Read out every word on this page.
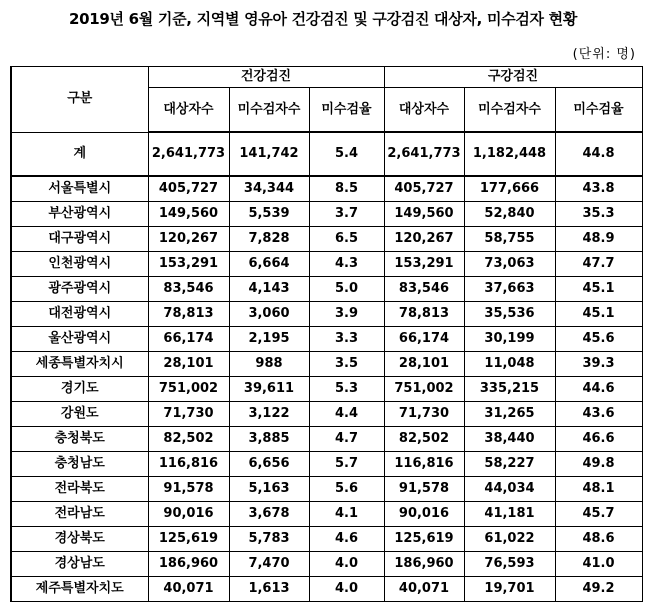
2019년 6월 기준, 지역별 영유아 건강검진 및 구강검진 대상자, 미수검자 현황
(단위: 명)
구분	건강검진			구강검진		
	대상자수	미수검자수	미수검율	대상자수	미수검자수	미수검율
계	2,641,773	141,742	5.4	2,641,773	1,182,448	44.8
서울특별시	405,727	34,344	8.5	405,727	177,666	43.8
부산광역시	149,560	5,539	3.7	149,560	52,840	35.3
대구광역시	120,267	7,828	6.5	120,267	58,755	48.9
인천광역시	153,291	6,664	4.3	153,291	73,063	47.7
광주광역시	83,546	4,143	5.0	83,546	37,663	45.1
대전광역시	78,813	3,060	3.9	78,813	35,536	45.1
울산광역시	66,174	2,195	3.3	66,174	30,199	45.6
세종특별자치시	28,101	988	3.5	28,101	11,048	39.3
경기도	751,002	39,611	5.3	751,002	335,215	44.6
강원도	71,730	3,122	4.4	71,730	31,265	43.6
충청북도	82,502	3,885	4.7	82,502	38,440	46.6
충청남도	116,816	6,656	5.7	116,816	58,227	49.8
전라북도	91,578	5,163	5.6	91,578	44,034	48.1
전라남도	90,016	3,678	4.1	90,016	41,181	45.7
경상북도	125,619	5,783	4.6	125,619	61,022	48.6
경상남도	186,960	7,470	4.0	186,960	76,593	41.0
제주특별자치도	40,071	1,613	4.0	40,071	19,701	49.2
